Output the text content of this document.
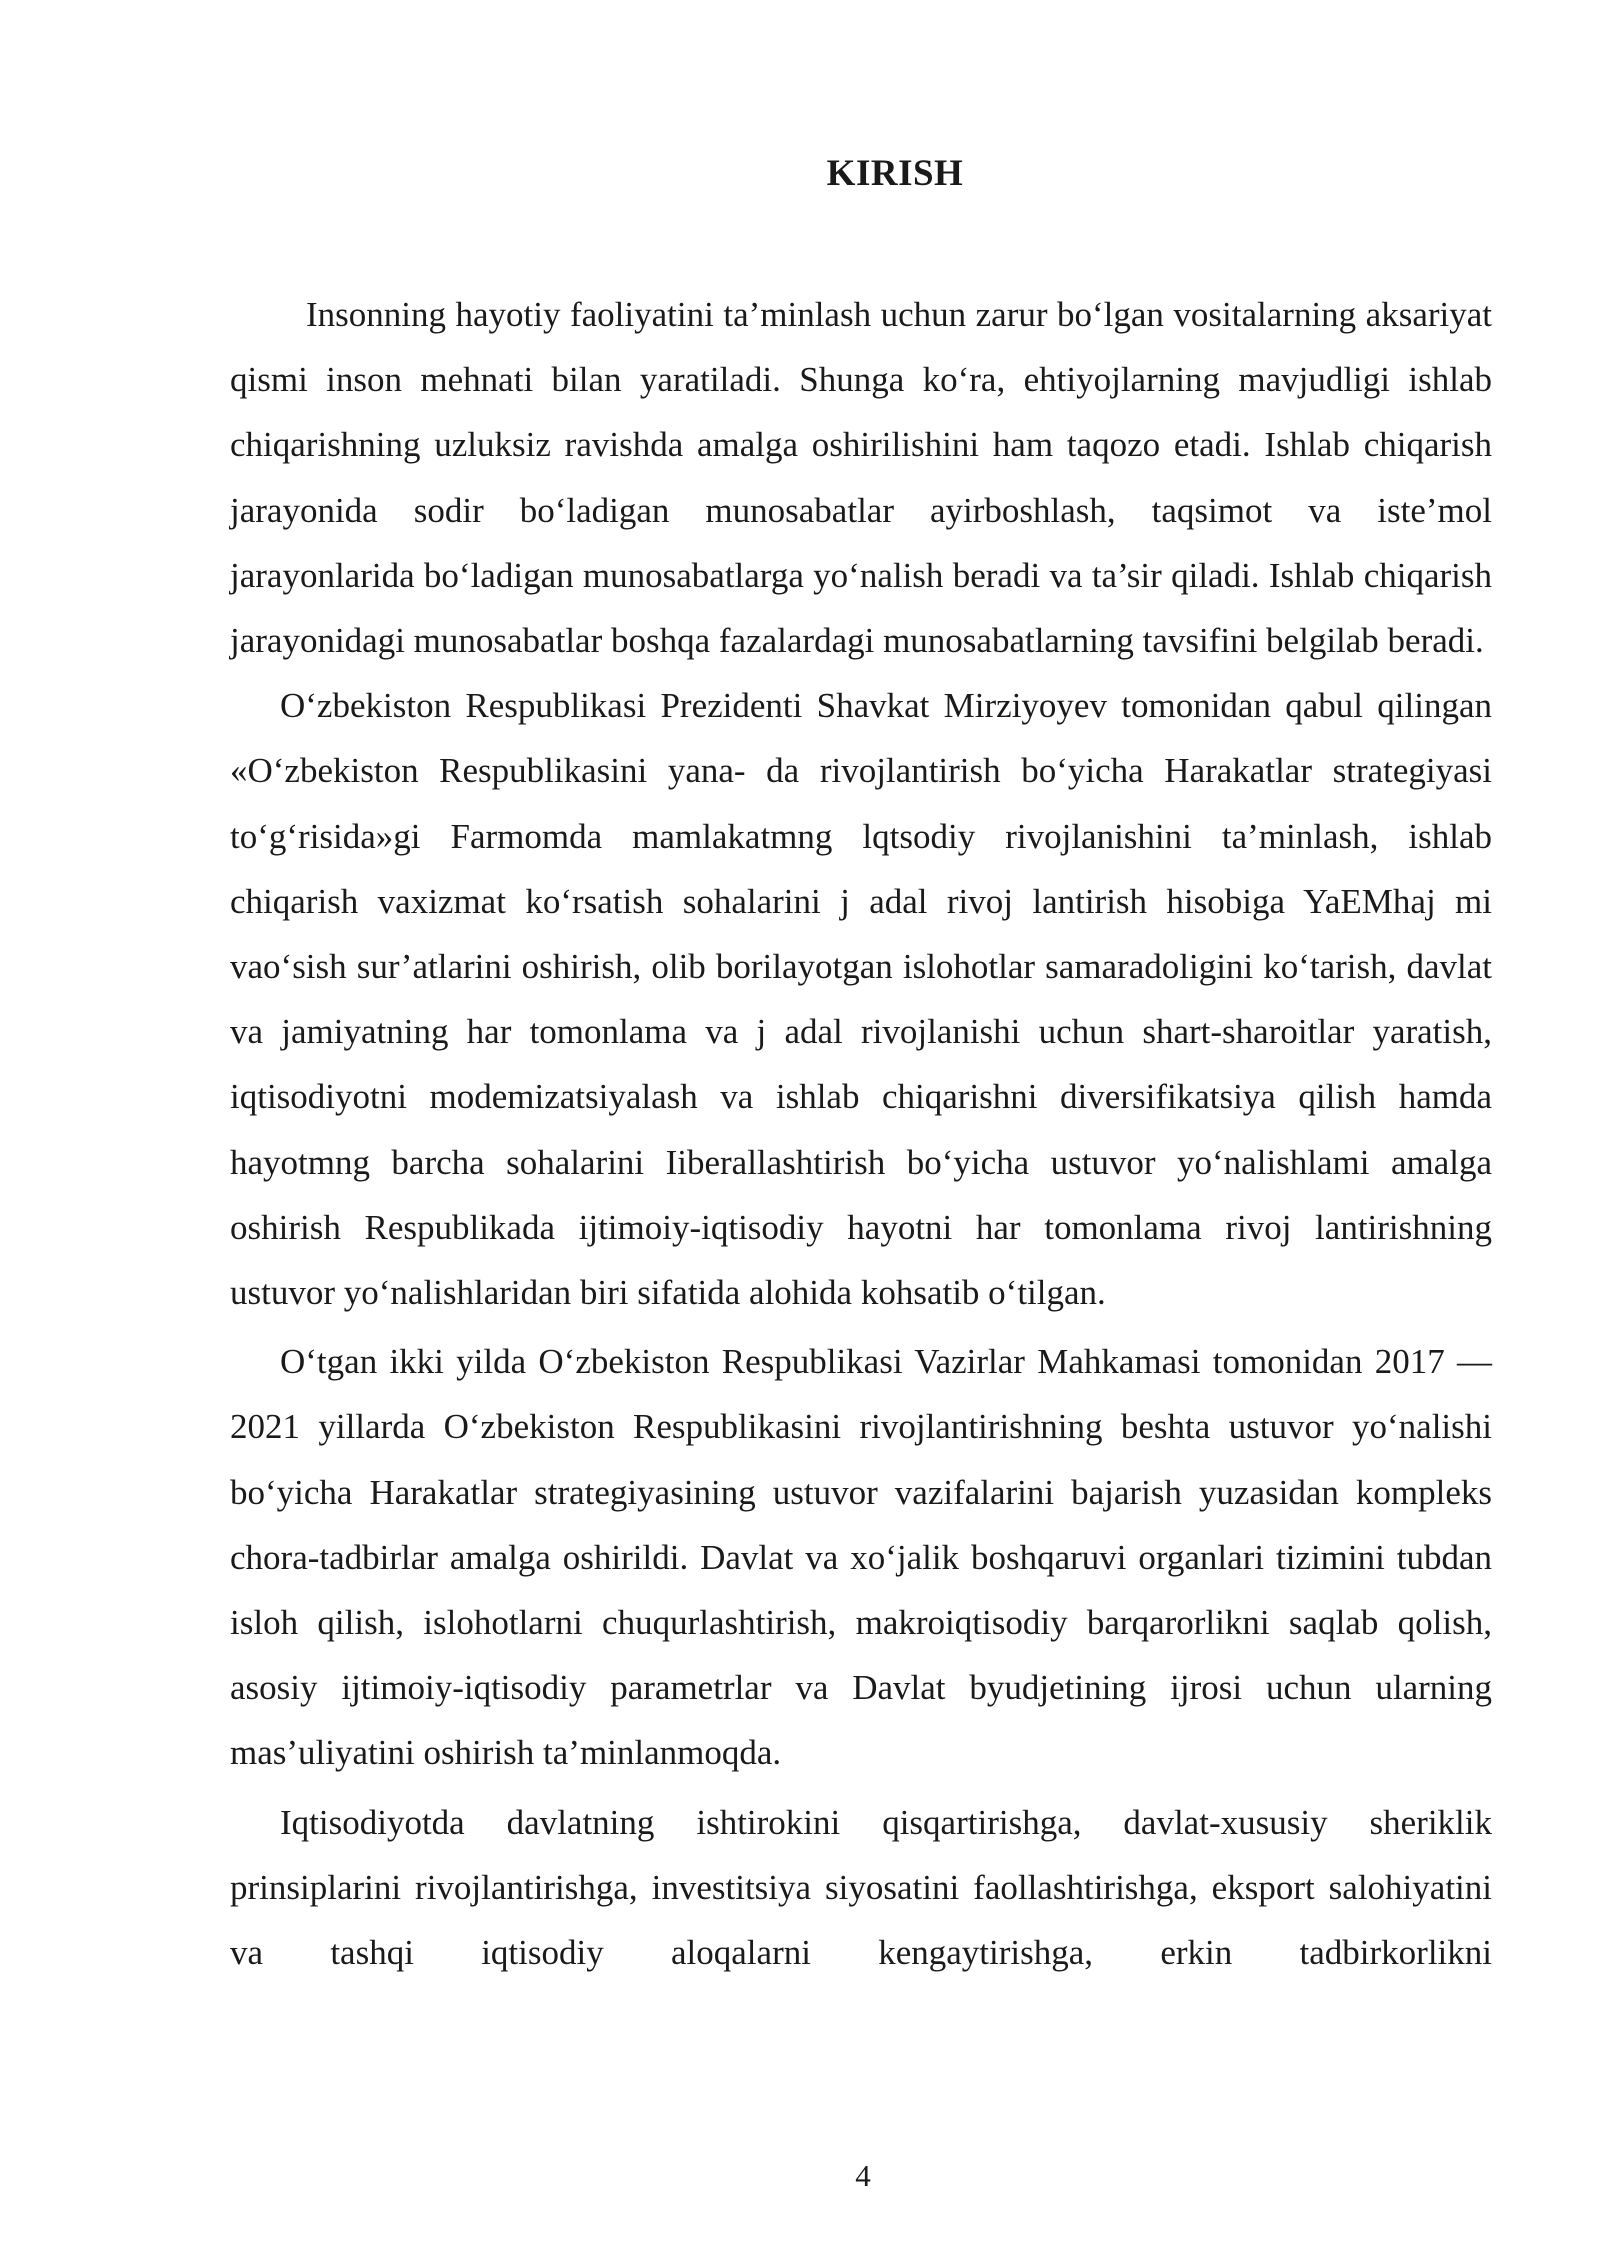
KIRISH

Insonning hayotiy faoliyatini ta’minlash uchun zarur bo‘lgan vositalarning aksariyat qismi inson mehnati bilan yaratiladi. Shunga ko‘ra, ehtiyojlarning mavjudligi ishlab chiqarishning uzluksiz ravishda amalga oshirilishini ham taqozo etadi. Ishlab chiqarish jarayonida sodir bo‘ladigan munosabatlar ayirboshlash, taqsimot va iste’mol jarayonlarida bo‘ladigan munosabatlarga yo‘nalish beradi va ta’sir qiladi. Ishlab chiqarish jarayonidagi munosabatlar boshqa fazalardagi munosabatlarning tavsifini belgilab beradi.

O‘zbekiston Respublikasi Prezidenti Shavkat Mirziyoyev tomonidan qabul qilingan «O‘zbekiston Respublikasini yana- da rivojlantirish bo‘yicha Harakatlar strategiyasi to‘g‘risida»gi Farmomda mamlakatmng lqtsodiy rivojlanishini ta’minlash, ishlab chiqarish vaxizmat ko‘rsatish sohalarini j adal rivoj lantirish hisobiga YaEMhaj mi vao‘sish sur’atlarini oshirish, olib borilayotgan islohotlar samaradoligini ko‘tarish, davlat va jamiyatning har tomonlama va j adal rivojlanishi uchun shart-sharoitlar yaratish, iqtisodiyotni modemizatsiyalash va ishlab chiqarishni diversifikatsiya qilish hamda hayotmng barcha sohalarini Iiberallashtirish bo‘yicha ustuvor yo‘nalishlami amalga oshirish Respublikada ijtimoiy-iqtisodiy hayotni har tomonlama rivoj lantirishning ustuvor yo‘nalishlaridan biri sifatida alohida kohsatib o‘tilgan.

O‘tgan ikki yilda O‘zbekiston Respublikasi Vazirlar Mahkamasi tomonidan 2017 — 2021 yillarda O‘zbekiston Respublikasini rivojlantirishning beshta ustuvor yo‘nalishi bo‘yicha Harakatlar strategiyasining ustuvor vazifalarini bajarish yuzasidan kompleks chora-tadbirlar amalga oshirildi. Davlat va xo‘jalik boshqaruvi organlari tizimini tubdan isloh qilish, islohotlarni chuqurlashtirish, makroiqtisodiy barqarorlikni saqlab qolish, asosiy ijtimoiy-iqtisodiy parametrlar va Davlat byudjetining ijrosi uchun ularning mas’uliyatini oshirish ta’minlanmoqda.

Iqtisodiyotda davlatning ishtirokini qisqartirishga, davlat-xususiy sheriklik prinsiplarini rivojlantirishga, investitsiya siyosatini faollashtirishga, eksport salohiyatini va tashqi iqtisodiy aloqalarni kengaytirishga, erkin tadbirkorlikni

4
